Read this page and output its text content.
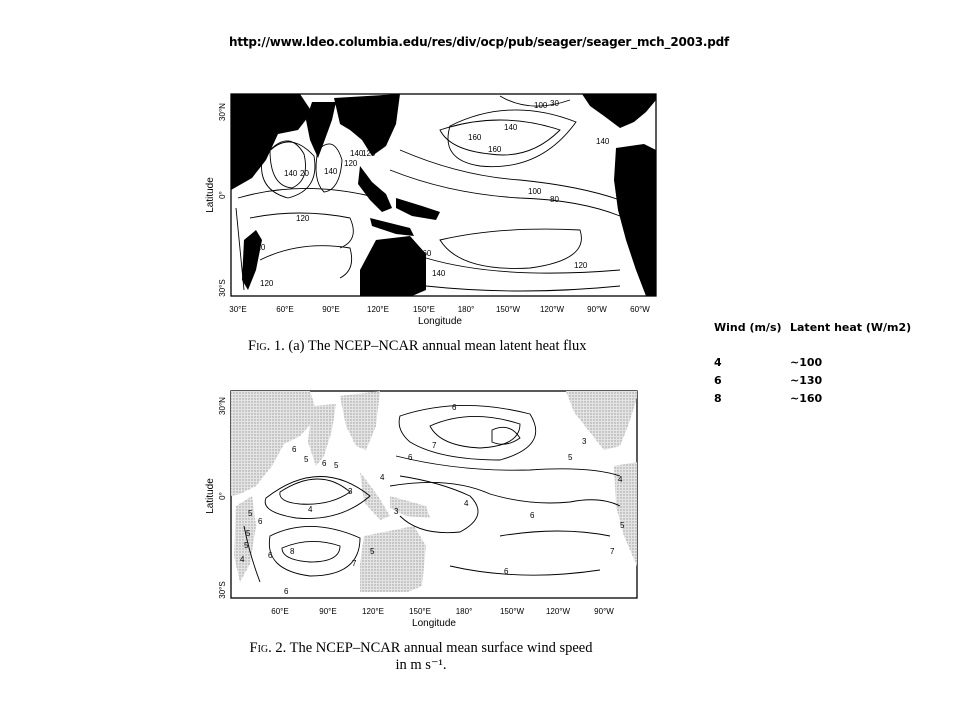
http://www.ldeo.columbia.edu/res/div/ocp/pub/seager/seager_mch_2003.pdf
100 30
140
160
160
140
120
140	140
20
120
140
100
80
120
120
160
140
120
120
30°N
0°
30°S
Latitude
30°E	60°E	90°E	120°E	150°E	180°	150°W 120°W	90°W	60°W
Longitude
Fig. 1. (a) The NCEP–NCAR annual mean latent heat flux
Wind (m/s)	Latent heat (W/m2)

4	~100
6	~130
8	~160
6
7
6
6
5 6 5
4
3
4
4
3
5
6
5
8
7
6
6
6
5
3
4
5
7
6
5
4
5
30°N
0°
30°S
Latitude
60°E	90°E	120°E	150°E	180°	150°W	120°W	90°W
Longitude
Fig. 2. The NCEP–NCAR annual mean surface wind speed
in m s⁻¹.
